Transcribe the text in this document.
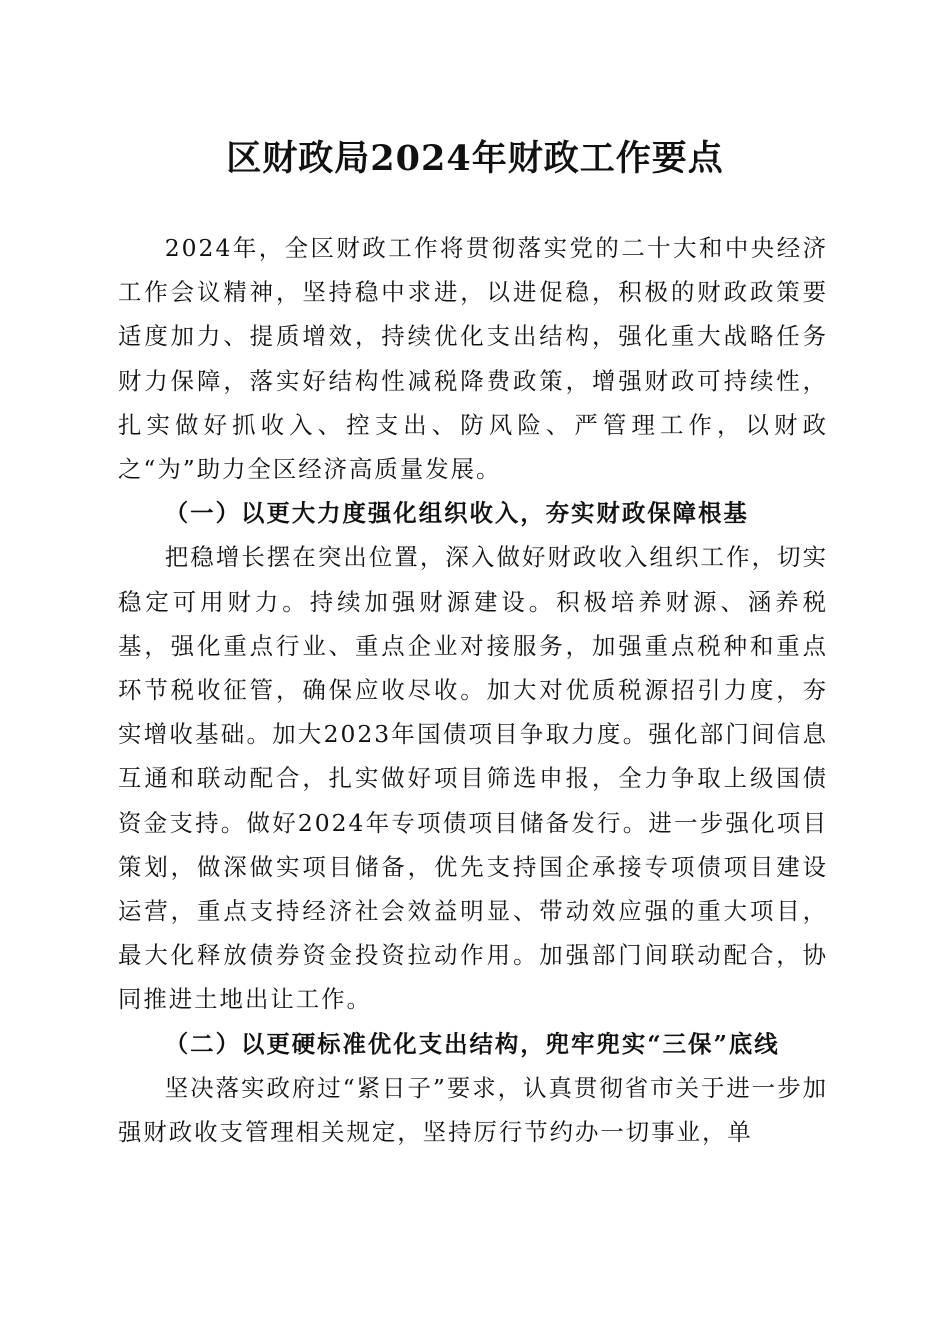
区财政局2024年财政工作要点

2024年，全区财政工作将贯彻落实党的二十大和中央经济工作会议精神，坚持稳中求进，以进促稳，积极的财政政策要适度加力、提质增效，持续优化支出结构，强化重大战略任务财力保障，落实好结构性减税降费政策，增强财政可持续性，扎实做好抓收入、控支出、防风险、严管理工作，以财政之“为”助力全区经济高质量发展。

（一）以更大力度强化组织收入，夯实财政保障根基

把稳增长摆在突出位置，深入做好财政收入组织工作，切实稳定可用财力。持续加强财源建设。积极培养财源、涵养税基，强化重点行业、重点企业对接服务，加强重点税种和重点环节税收征管，确保应收尽收。加大对优质税源招引力度，夯实增收基础。加大2023年国债项目争取力度。强化部门间信息互通和联动配合，扎实做好项目筛选申报，全力争取上级国债资金支持。做好2024年专项债项目储备发行。进一步强化项目策划，做深做实项目储备，优先支持国企承接专项债项目建设运营，重点支持经济社会效益明显、带动效应强的重大项目，最大化释放债券资金投资拉动作用。加强部门间联动配合，协同推进土地出让工作。

（二）以更硬标准优化支出结构，兜牢兜实“三保”底线

坚决落实政府过“紧日子”要求，认真贯彻省市关于进一步加强财政收支管理相关规定，坚持厉行节约办一切事业，单
